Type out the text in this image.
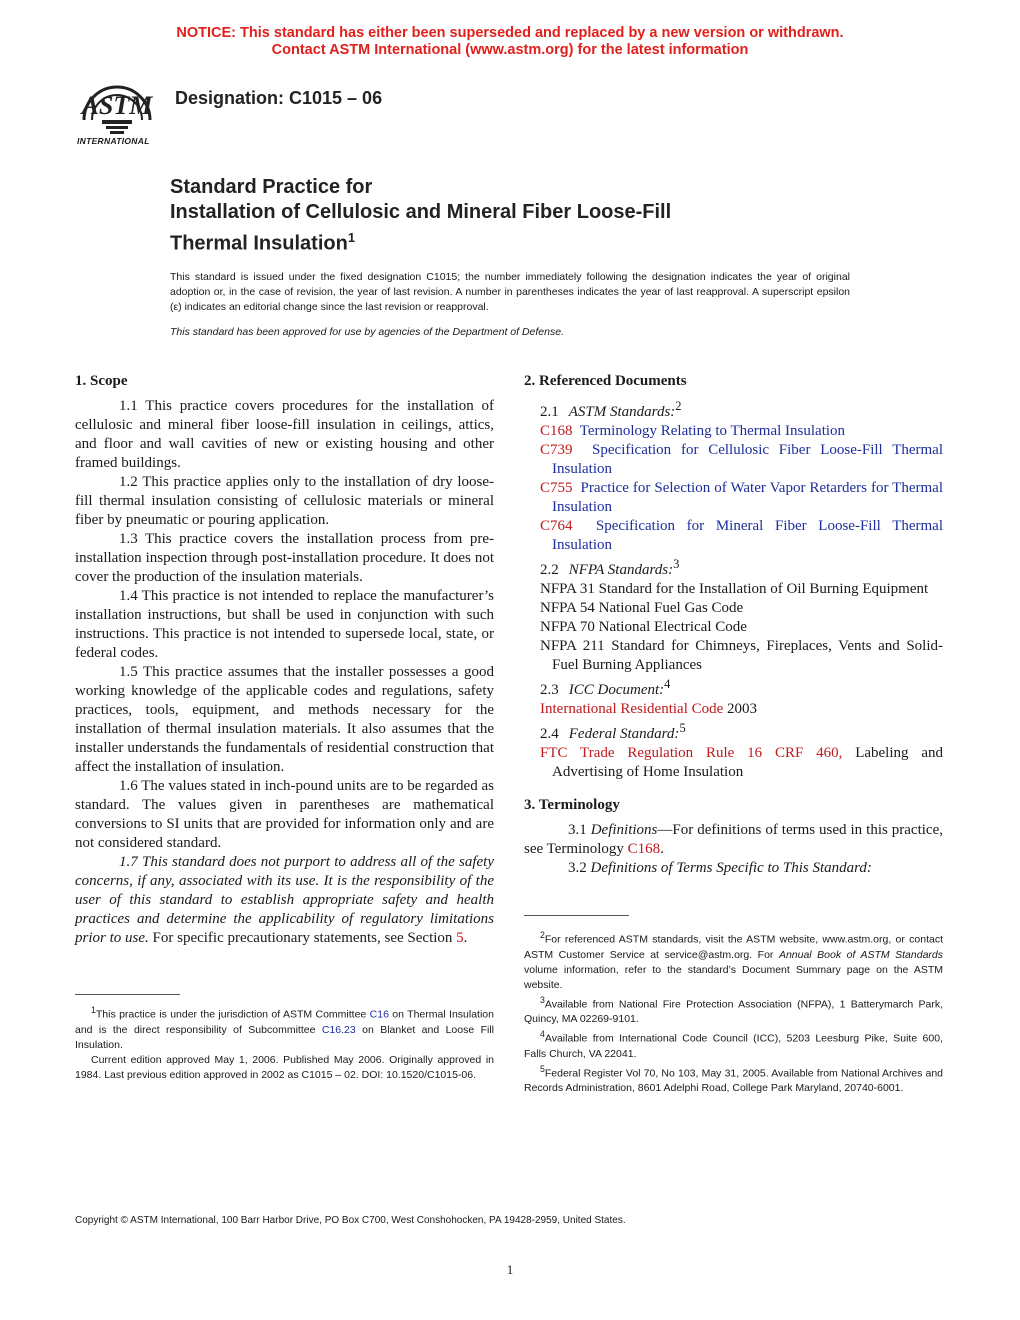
NOTICE: This standard has either been superseded and replaced by a new version or withdrawn.
Contact ASTM International (www.astm.org) for the latest information
ASTM
INTERNATIONAL
Designation: C1015 – 06
Standard Practice for
Installation of Cellulosic and Mineral Fiber Loose-Fill
Thermal Insulation$^1$
This standard is issued under the fixed designation C1015; the number immediately following the designation indicates the year of original adoption or, in the case of revision, the year of last revision. A number in parentheses indicates the year of last reapproval. A superscript epsilon (ε) indicates an editorial change since the last revision or reapproval.
This standard has been approved for use by agencies of the Department of Defense.
1. Scope

1.1 This practice covers procedures for the installation of cellulosic and mineral fiber loose-fill insulation in ceilings, attics, and floor and wall cavities of new or existing housing and other framed buildings.

1.2 This practice applies only to the installation of dry loose-fill thermal insulation consisting of cellulosic materials or mineral fiber by pneumatic or pouring application.

1.3 This practice covers the installation process from pre-installation inspection through post-installation procedure. It does not cover the production of the insulation materials.

1.4 This practice is not intended to replace the manufacturer’s installation instructions, but shall be used in conjunction with such instructions. This practice is not intended to supersede local, state, or federal codes.

1.5 This practice assumes that the installer possesses a good working knowledge of the applicable codes and regulations, safety practices, tools, equipment, and methods necessary for the installation of thermal insulation materials. It also assumes that the installer understands the fundamentals of residential construction that affect the installation of insulation.

1.6 The values stated in inch-pound units are to be regarded as standard. The values given in parentheses are mathematical conversions to SI units that are provided for information only and are not considered standard.

1.7 This standard does not purport to address all of the safety concerns, if any, associated with its use. It is the responsibility of the user of this standard to establish appropriate safety and health practices and determine the applicability of regulatory limitations prior to use. For specific precautionary statements, see Section 5.

2. Referenced Documents

2.1 ASTM Standards:$^2$

C168 Terminology Relating to Thermal Insulation

C739 Specification for Cellulosic Fiber Loose-Fill Thermal Insulation

C755 Practice for Selection of Water Vapor Retarders for Thermal Insulation

C764 Specification for Mineral Fiber Loose-Fill Thermal Insulation

2.2 NFPA Standards:$^3$

NFPA 31 Standard for the Installation of Oil Burning Equipment

NFPA 54 National Fuel Gas Code

NFPA 70 National Electrical Code

NFPA 211 Standard for Chimneys, Fireplaces, Vents and Solid-Fuel Burning Appliances

2.3 ICC Document:$^4$

International Residential Code 2003

2.4 Federal Standard:$^5$

FTC Trade Regulation Rule 16 CRF 460, Labeling and Advertising of Home Insulation

3. Terminology

3.1 Definitions—For definitions of terms used in this practice, see Terminology C168.

3.2 Definitions of Terms Specific to This Standard:

$^1$This practice is under the jurisdiction of ASTM Committee C16 on Thermal Insulation and is the direct responsibility of Subcommittee C16.23 on Blanket and Loose Fill Insulation.

Current edition approved May 1, 2006. Published May 2006. Originally approved in 1984. Last previous edition approved in 2002 as C1015 – 02. DOI: 10.1520/C1015-06.

$^2$For referenced ASTM standards, visit the ASTM website, www.astm.org, or contact ASTM Customer Service at service@astm.org. For Annual Book of ASTM Standards volume information, refer to the standard’s Document Summary page on the ASTM website.

$^3$Available from National Fire Protection Association (NFPA), 1 Batterymarch Park, Quincy, MA 02269-9101.

$^4$Available from International Code Council (ICC), 5203 Leesburg Pike, Suite 600, Falls Church, VA 22041.

$^5$Federal Register Vol 70, No 103, May 31, 2005. Available from National Archives and Records Administration, 8601 Adelphi Road, College Park Maryland, 20740-6001.

Copyright © ASTM International, 100 Barr Harbor Drive, PO Box C700, West Conshohocken, PA 19428-2959, United States.
1
